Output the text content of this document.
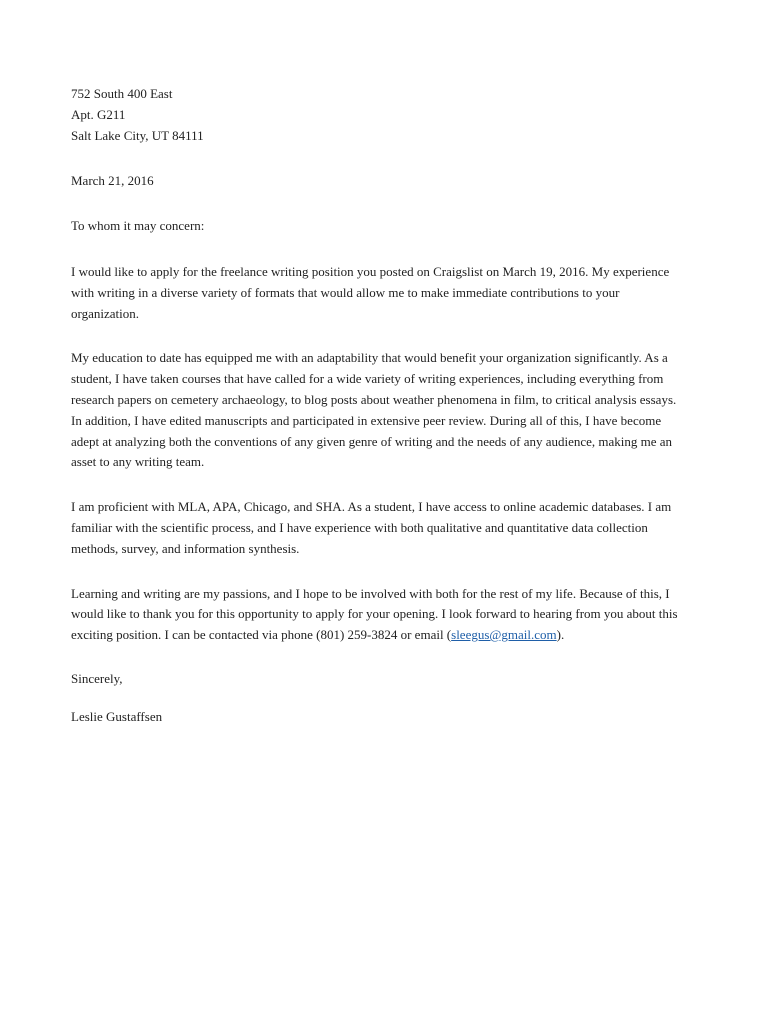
752 South 400 East
Apt. G211
Salt Lake City, UT 84111
March 21, 2016
To whom it may concern:
I would like to apply for the freelance writing position you posted on Craigslist on March 19, 2016. My experience
with writing in a diverse variety of formats that would allow me to make immediate contributions to your
organization.
My education to date has equipped me with an adaptability that would benefit your organization significantly. As a
student, I have taken courses that have called for a wide variety of writing experiences, including everything from
research papers on cemetery archaeology, to blog posts about weather phenomena in film, to critical analysis essays.
In addition, I have edited manuscripts and participated in extensive peer review. During all of this, I have become
adept at analyzing both the conventions of any given genre of writing and the needs of any audience, making me an
asset to any writing team.
I am proficient with MLA, APA, Chicago, and SHA. As a student, I have access to online academic databases. I am
familiar with the scientific process, and I have experience with both qualitative and quantitative data collection
methods, survey, and information synthesis.
Learning and writing are my passions, and I hope to be involved with both for the rest of my life. Because of this, I
would like to thank you for this opportunity to apply for your opening. I look forward to hearing from you about this
exciting position. I can be contacted via phone (801) 259-3824 or email (sleegus@gmail.com).
Sincerely,
Leslie Gustaffsen
